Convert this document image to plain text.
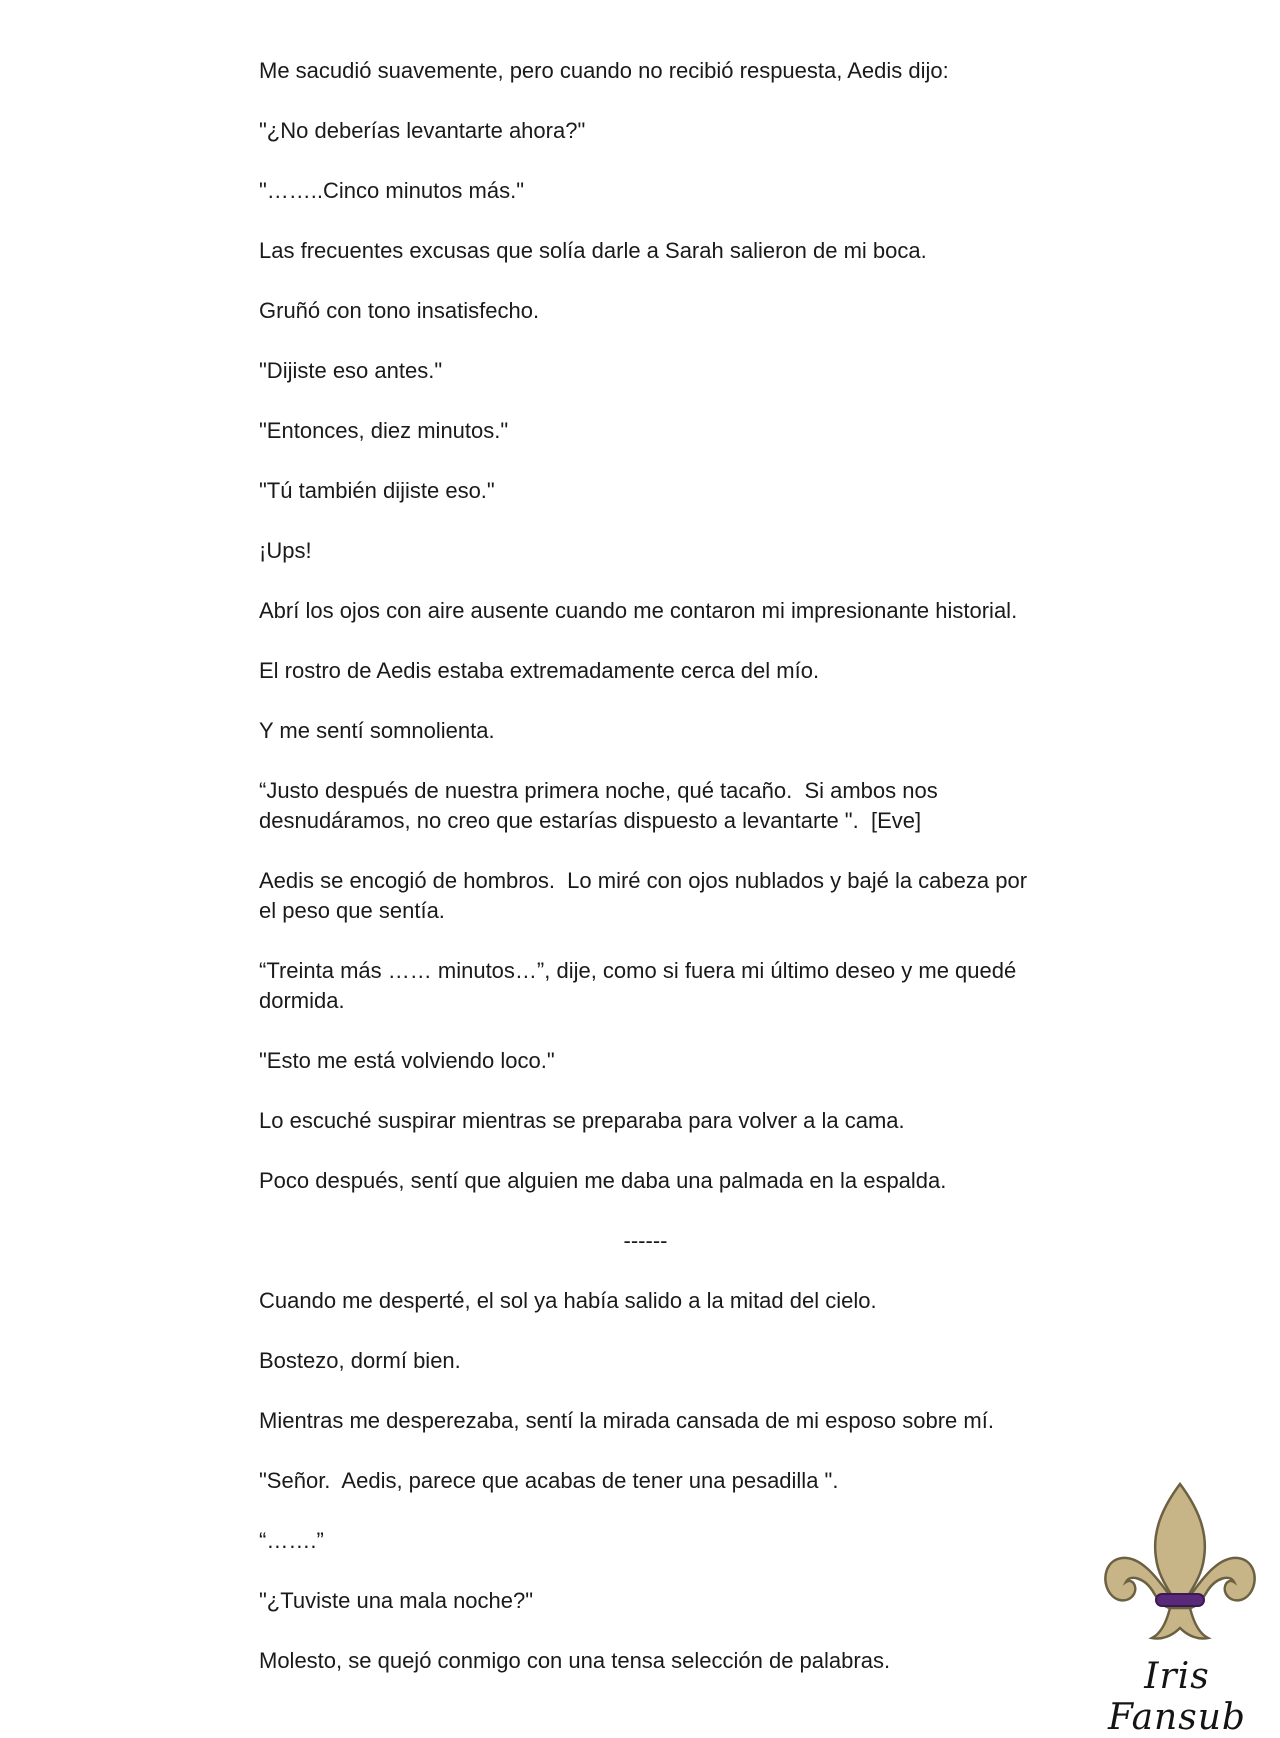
Me sacudió suavemente, pero cuando no recibió respuesta, Aedis dijo:

"¿No deberías levantarte ahora?"

"……..Cinco minutos más."

Las frecuentes excusas que solía darle a Sarah salieron de mi boca.

Gruñó con tono insatisfecho.

"Dijiste eso antes."

"Entonces, diez minutos."

"Tú también dijiste eso."

¡Ups!

Abrí los ojos con aire ausente cuando me contaron mi impresionante historial.

El rostro de Aedis estaba extremadamente cerca del mío.

Y me sentí somnolienta.

“Justo después de nuestra primera noche, qué tacaño.  Si ambos nos desnudáramos, no creo que estarías dispuesto a levantarte ".  [Eve]

Aedis se encogió de hombros.  Lo miré con ojos nublados y bajé la cabeza por el peso que sentía.

“Treinta más …… minutos…”, dije, como si fuera mi último deseo y me quedé dormida.

"Esto me está volviendo loco."

Lo escuché suspirar mientras se preparaba para volver a la cama.

Poco después, sentí que alguien me daba una palmada en la espalda.

------

Cuando me desperté, el sol ya había salido a la mitad del cielo.

Bostezo, dormí bien.

Mientras me desperezaba, sentí la mirada cansada de mi esposo sobre mí.

"Señor.  Aedis, parece que acabas de tener una pesadilla ".

“…….”

"¿Tuviste una mala noche?"

Molesto, se quejó conmigo con una tensa selección de palabras.	Iris Fansub
